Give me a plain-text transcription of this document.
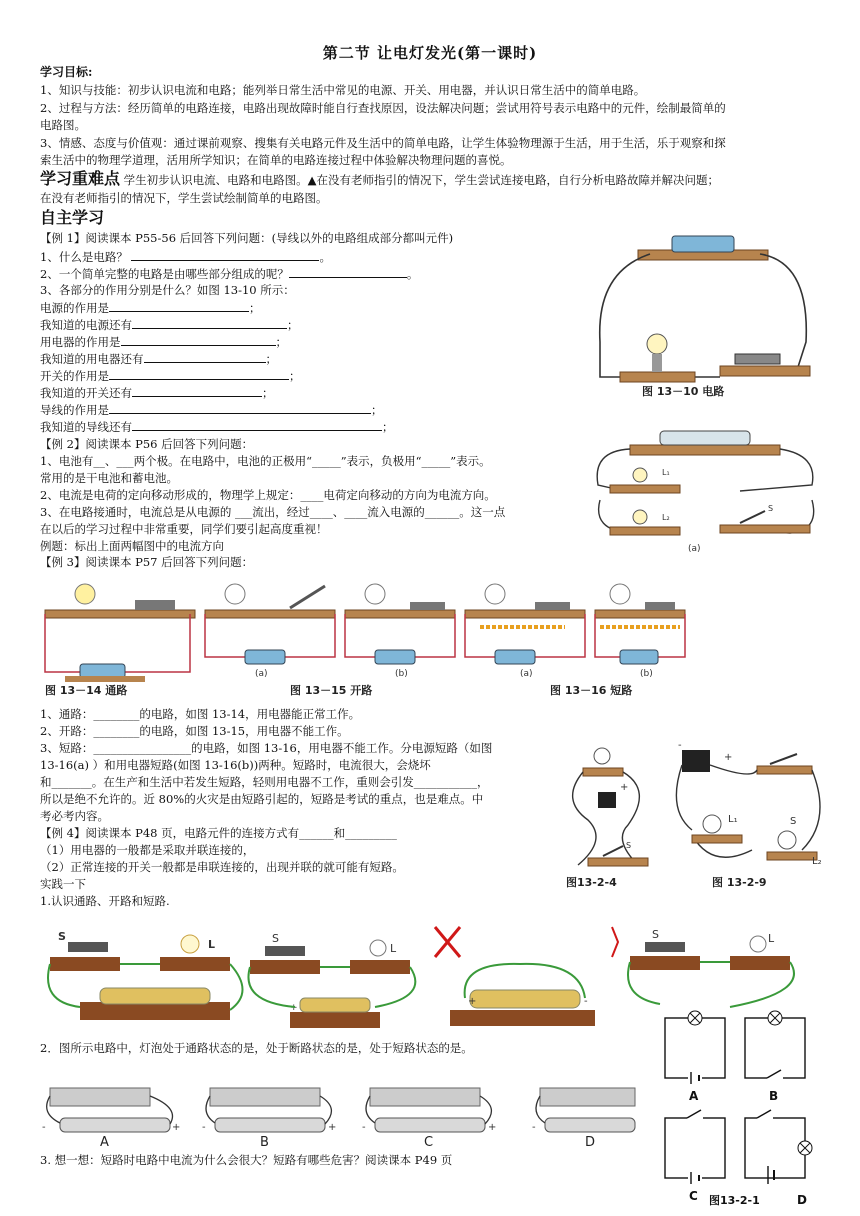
第二节 让电灯发光(第一课时)
学习目标:
1、知识与技能：初步认识电流和电路；能列举日常生活中常见的电源、开关、用电器，并认识日常生活中的简单电路。
2、过程与方法：经历简单的电路连接，电路出现故障时能自行查找原因，设法解决问题；尝试用符号表示电路中的元件，绘制最简单的
电路图。
3、情感、态度与价值观：通过课前观察、搜集有关电路元件及生活中的简单电路，让学生体验物理源于生活，用于生活，乐于观察和探
索生活中的物理学道理，活用所学知识；在简单的电路连接过程中体验解决物理问题的喜悦。
学习重难点 学生初步认识电流、电路和电路图。▲在没有老师指引的情况下，学生尝试连接电路，自行分析电路故障并解决问题；
在没有老师指引的情况下，学生尝试绘制简单的电路图。
自主学习
【例 1】阅读课本 P55-56 后回答下列问题：(导线以外的电路组成部分都叫元件)
1、什么是电路？	。
2、一个简单完整的电路是由哪些部分组成的呢？	。
3、各部分的作用分别是什么？如图 13-10 所示：
电源的作用是	；
我知道的电源还有	；
用电器的作用是	；
我知道的用电器还有	；
开关的作用是	；
我知道的开关还有	；
导线的作用是	；
我知道的导线还有	；
【例 2】阅读课本 P56 后回答下列问题：
1、电池有__、___两个极。在电路中，电池的正极用“_____”表示，负极用“_____”表示。
常用的是干电池和蓄电池。
2、电流是电荷的定向移动形成的，物理学上规定：____电荷定向移动的方向为电流方向。
3、在电路接通时，电流总是从电源的 ___流出，经过____、____流入电源的______。这一点
在以后的学习过程中非常重要，同学们要引起高度重视！
例题：标出上面两幅图中的电流方向
【例 3】阅读课本 P57 后回答下列问题：
1、通路：________的电路，如图 13-14，用电器能正常工作。
2、开路：________的电路，如图 13-15，用电器不能工作。
3、短路：_________________的电路，如图 13-16，用电器不能工作。分电源短路（如图
13-16(a) ）和用电器短路(如图 13-16(b))两种。短路时，电流很大，会烧坏
和_______。在生产和生活中若发生短路，轻则用电器不工作，重则会引发___________，
所以是绝不允许的。近 80%的火灾是由短路引起的，短路是考试的重点，也是难点。中
考必考内容。
【例 4】阅读课本 P48 页，电路元件的连接方式有______和_________
（1）用电器的一般都是采取并联连接的，
（2）正常连接的开关一般都是串联连接的，出现并联的就可能有短路。
实践一下
1.认识通路、开路和短路.
2．图所示电路中，灯泡处于通路状态的是，处于断路状态的是，处于短路状态的是。
3. 想一想：短路时电路中电流为什么会很大？短路有哪些危害？阅读课本 P49 页
图 13－10 电路
L₁
L₂
S
(a)
(a)	(b)	(a)	(b)
图 13－14 通路	图 13－15 开路	图 13－16 短路
+
S
图13-2-4
-
+
L₁	S
L₂
图 13-2-9
S
L	S
L
+
+	-
S	L
-	+
A
-	+
B
-	+
C
-
D
A	B
C 图13-2-1	D
